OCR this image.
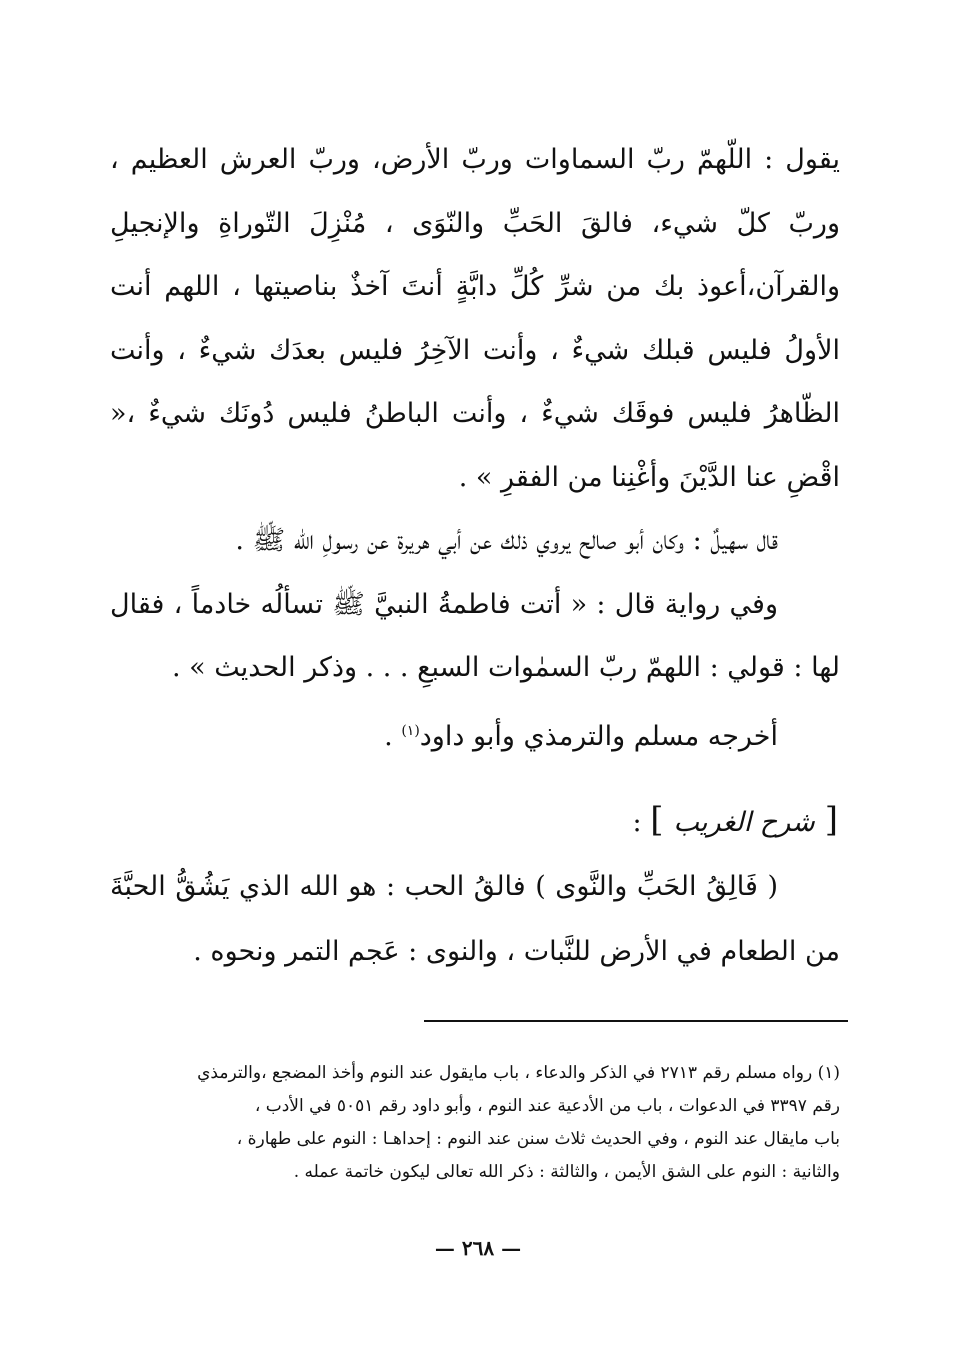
يقول : اللّهمّ ربّ السماوات وربّ الأرض، وربّ العرش العظيم ، وربّ كلّ شيء، فالقَ الحَبِّ والنّوَى ، مُنْزِلَ التّوراةِ والإنجيلِ والقرآن،أعوذ بك من شرِّ كُلِّ دابَّةٍ أنتَ آخذٌ بناصيتها ، اللهم أنت الأولُ فليس قبلك شيءٌ ، وأنت الآخِرُ فليس بعدَك شيءٌ ، وأنت الظّاهرُ فليس فوقَك شيءٌ ، وأنت الباطنُ فليس دُونَك شيءٌ ،« اقْضِ عنا الدَّيْنَ وأغْنِنا من الفقرِ » .

قال سهيلٌ : وكان أبو صالح يروي ذلك عن أبي هريرة عن رسولِ الله ﷺ .

وفي رواية قال : « أتت فاطمةُ النبيَّ ﷺ تسألُه خادماً ، فقال لها : قولي : اللهمّ ربّ السمٰوات السبعِ . . . وذكر الحديث » .

أخرجه مسلم والترمذي وأبو داود$^{(١)}$ .

[شرح الغريب] :

( فَالِقُ الحَبِّ والنَّوى ) فالقُ الحب : هو الله الذي يَشُقُّ الحبَّةَ من الطعام في الأرض للنَّبات ، والنوى : عَجم التمر ونحوه .

(١) رواه مسلم رقم ٢٧١٣ في الذكر والدعاء ، باب مايقول عند النوم وأخذ المضجع ،والترمذي

رقم ٣٣٩٧ في الدعوات ، باب من الأدعية عند النوم ، وأبو داود رقم ٥٠٥١ في الأدب ،

باب مايقال عند النوم ، وفي الحديث ثلاث سنن عند النوم : إحداهـا : النوم على طهارة ،

والثانية : النوم على الشق الأيمن ، والثالثة : ذكر الله تعالى ليكون خاتمة عمله .

— ٢٦٨ —
